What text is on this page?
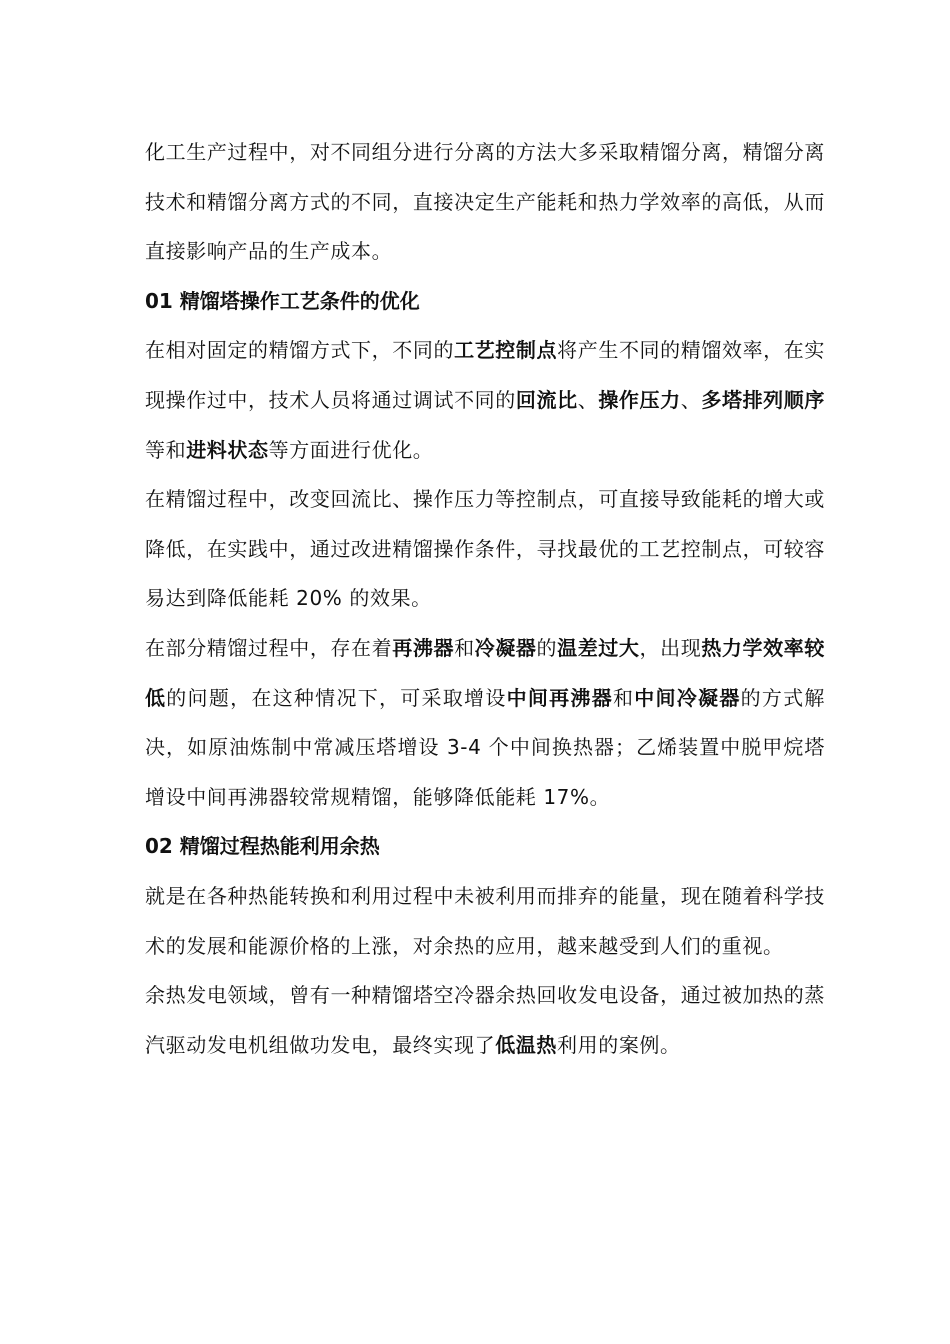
化工生产过程中，对不同组分进行分离的方法大多采取精馏分离，精馏分离技术和精馏分离方式的不同，直接决定生产能耗和热力学效率的高低，从而直接影响产品的生产成本。

01 精馏塔操作工艺条件的优化

在相对固定的精馏方式下，不同的工艺控制点将产生不同的精馏效率，在实现操作过中，技术人员将通过调试不同的回流比、操作压力、多塔排列顺序等和进料状态等方面进行优化。

在精馏过程中，改变回流比、操作压力等控制点，可直接导致能耗的增大或降低，在实践中，通过改进精馏操作条件，寻找最优的工艺控制点，可较容易达到降低能耗 20% 的效果。

在部分精馏过程中，存在着再沸器和冷凝器的温差过大，出现热力学效率较低的问题，在这种情况下，可采取增设中间再沸器和中间冷凝器的方式解决，如原油炼制中常减压塔增设 3-4 个中间换热器；乙烯装置中脱甲烷塔增设中间再沸器较常规精馏，能够降低能耗 17%。

02 精馏过程热能利用余热

就是在各种热能转换和利用过程中未被利用而排弃的能量，现在随着科学技术的发展和能源价格的上涨，对余热的应用，越来越受到人们的重视。

余热发电领域，曾有一种精馏塔空冷器余热回收发电设备，通过被加热的蒸汽驱动发电机组做功发电，最终实现了低温热利用的案例。
